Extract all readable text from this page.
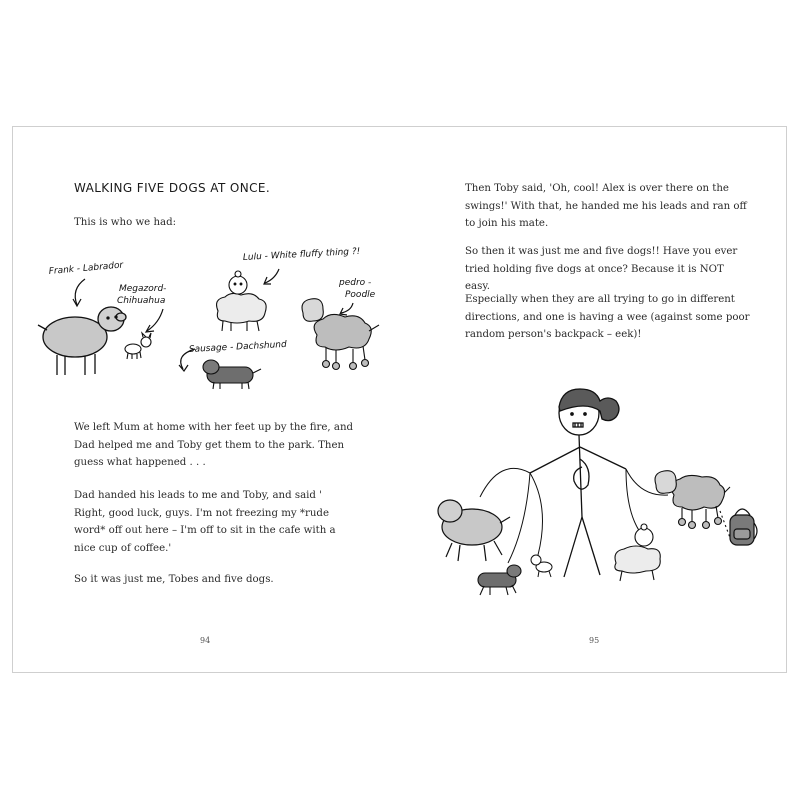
WALKING FIVE DOGS AT ONCE.
This is who we had:
Frank - Labrador
Megazord-
Chihuahua
Lulu - White fluffy thing ?!
pedro -
Poodle
Sausage - Dachshund
We left Mum at home with her feet up by the fire, and Dad helped me and Toby get them to the park. Then guess what happened . . .
Dad handed his leads to me and Toby, and said ' Right, good luck, guys. I'm not freezing my *rude word* off out here – I'm off to sit in the cafe with a nice cup of coffee.'
So it was just me, Tobes and five dogs.
94
Then Toby said, 'Oh, cool! Alex is over there on the swings!' With that, he handed me his leads and ran off to join his mate.
So then it was just me and five dogs!! Have you ever tried holding five dogs at once? Because it is NOT easy.
Especially when they are all trying to go in different directions, and one is having a wee (against some poor random person's backpack – eek)!
95
